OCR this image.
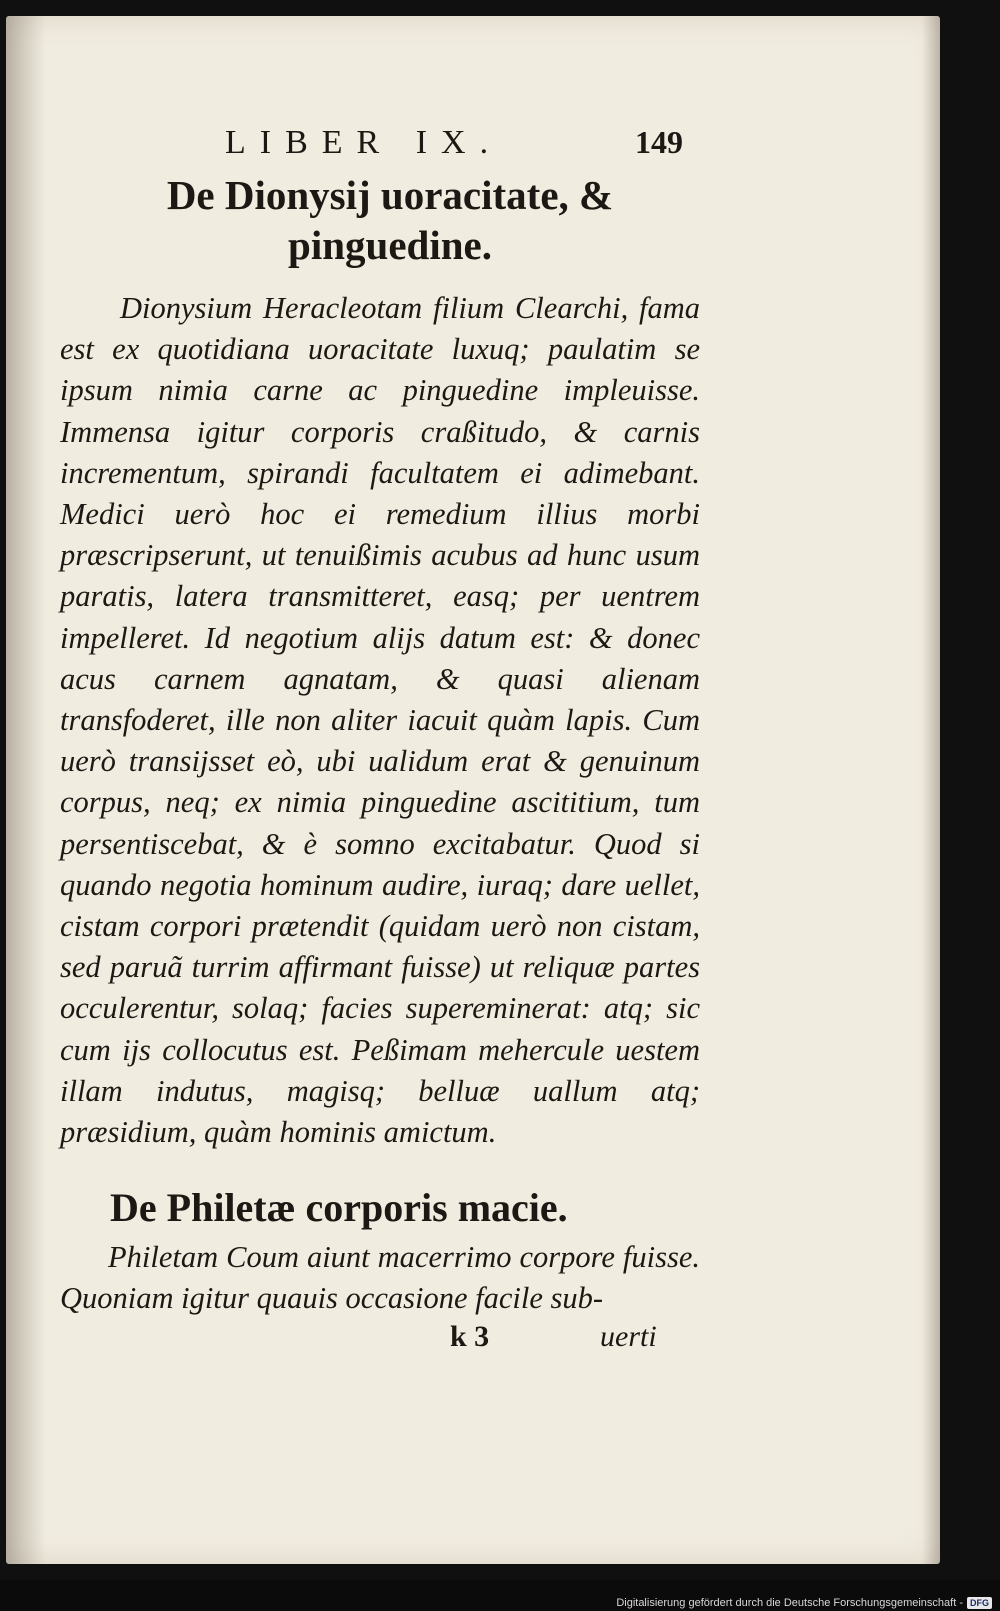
LIBER IX.	149
De Dionysij uoracitate, & pinguedine.

Dionysium Heracleotam filium Clearchi, fama est ex quotidiana uoracitate luxuq; paulatim se ipsum nimia carne ac pinguedine impleuisse. Immensa igitur corporis craßitudo, & carnis incrementum, spirandi facultatem ei adimebant. Medici uerò hoc ei remedium illius morbi præscripserunt, ut tenuißimis acubus ad hunc usum paratis, latera transmitteret, easq; per uentrem impelleret. Id negotium alijs datum est: & donec acus carnem agnatam, & quasi alienam transfoderet, ille non aliter iacuit quàm lapis. Cum uerò transijsset eò, ubi ualidum erat & genuinum corpus, neq; ex nimia pinguedine ascititium, tum persentiscebat, & è somno excitabatur. Quod si quando negotia hominum audire, iuraq; dare uellet, cistam corpori prætendit (quidam uerò non cistam, sed paruã turrim affirmant fuisse) ut reliquæ partes occulerentur, solaq; facies supereminerat: atq; sic cum ijs collocutus est. Peßimam mehercule uestem illam indutus, magisq; belluæ uallum atq; præsidium, quàm hominis amictum.

De Philetæ corporis macie.

Philetam Coum aiunt macerrimo corpore fuisse. Quoniam igitur quauis occasione facile sub-

k 3	uerti
Digitalisierung gefördert durch die Deutsche Forschungsgemeinschaft - DFG
